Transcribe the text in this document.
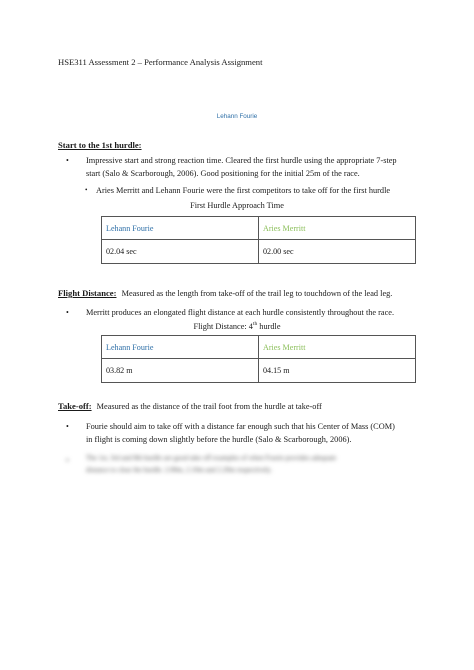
HSE311 Assessment 2 – Performance Analysis Assignment
Lehann Fourie
Start to the 1st hurdle:
• Impressive start and strong reaction time. Cleared the first hurdle using the appropriate 7-step
start (Salo & Scarborough, 2006). Good positioning for the initial 25m of the race.
• Aries Merritt and Lehann Fourie were the first competitors to take off for the first hurdle
First Hurdle Approach Time
Lehann Fourie	Aries Merritt
02.04 sec	02.00 sec
Flight Distance: Measured as the length from take-off of the trail leg to touchdown of the lead leg.
• Merritt produces an elongated flight distance at each hurdle consistently throughout the race.
Flight Distance: 4th hurdle
Lehann Fourie	Aries Merritt
03.82 m	04.15 m
Take-off: Measured as the distance of the trail foot from the hurdle at take-off
• Fourie should aim to take off with a distance far enough such that his Center of Mass (COM)
in flight is coming down slightly before the hurdle (Salo & Scarborough, 2006).
• The 1st, 3rd and 8th hurdle are good take off examples of when Fourie provides adequate
distance to clear the hurdle. 2.00m, 2.10m and 2.20m respectively.
